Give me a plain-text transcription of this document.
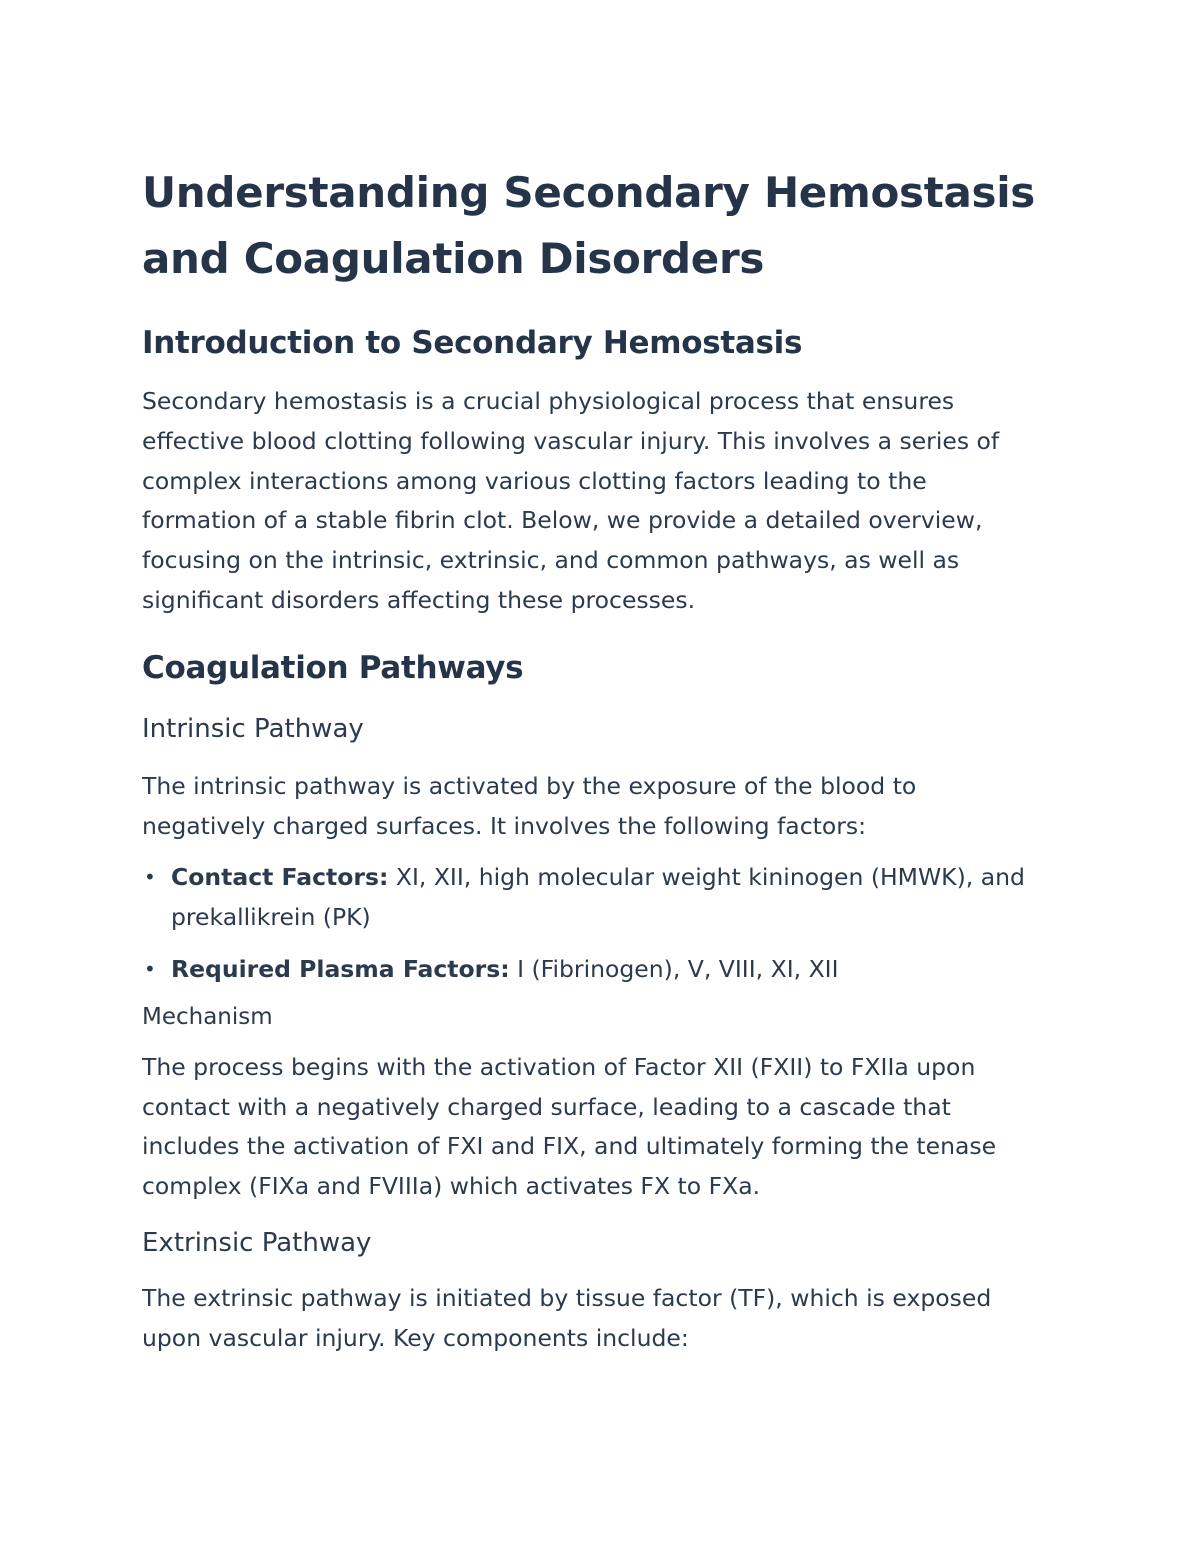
Understanding Secondary Hemostasis and Coagulation Disorders
Introduction to Secondary Hemostasis

Secondary hemostasis is a crucial physiological process that ensures effective blood clotting following vascular injury. This involves a series of complex interactions among various clotting factors leading to the formation of a stable fibrin clot. Below, we provide a detailed overview, focusing on the intrinsic, extrinsic, and common pathways, as well as significant disorders affecting these processes.

Coagulation Pathways
Intrinsic Pathway

The intrinsic pathway is activated by the exposure of the blood to negatively charged surfaces. It involves the following factors:

• Contact Factors: XI, XII, high molecular weight kininogen (HMWK), and prekallikrein (PK)
• Required Plasma Factors: I (Fibrinogen), V, VIII, XI, XII
Mechanism

The process begins with the activation of Factor XII (FXII) to FXIIa upon contact with a negatively charged surface, leading to a cascade that includes the activation of FXI and FIX, and ultimately forming the tenase complex (FIXa and FVIIIa) which activates FX to FXa.

Extrinsic Pathway

The extrinsic pathway is initiated by tissue factor (TF), which is exposed upon vascular injury. Key components include:
